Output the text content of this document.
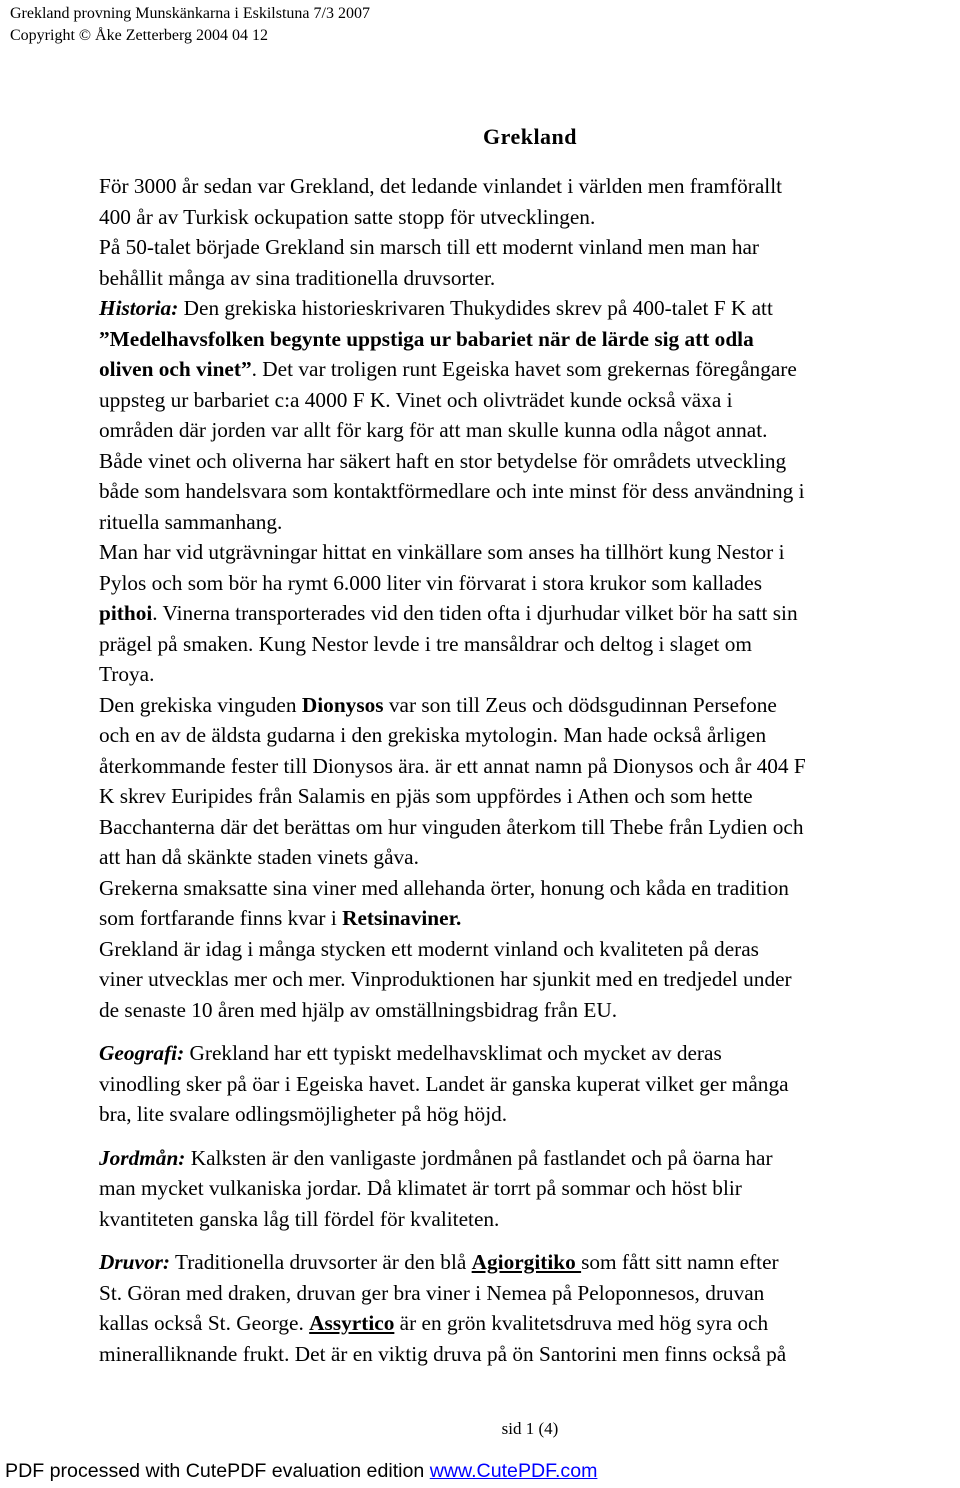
Grekland provning Munskänkarna i Eskilstuna 7/3 2007
Copyright © Åke Zetterberg 2004 04 12
Grekland

För 3000 år sedan var Grekland, det ledande vinlandet i världen men framförallt
400 år av Turkisk ockupation satte stopp för utvecklingen.
På 50-talet började Grekland sin marsch till ett modernt vinland men man har
behållit många av sina traditionella druvsorter.

Historia: Den grekiska historieskrivaren Thukydides skrev på 400-talet F K att
”Medelhavsfolken begynte uppstiga ur babariet när de lärde sig att odla
oliven och vinet”. Det var troligen runt Egeiska havet som grekernas föregångare
uppsteg ur barbariet c:a 4000 F K. Vinet och olivträdet kunde också växa i
områden där jorden var allt för karg för att man skulle kunna odla något annat.
Både vinet och oliverna har säkert haft en stor betydelse för områdets utveckling
både som handelsvara som kontaktförmedlare och inte minst för dess användning i
rituella sammanhang.

Man har vid utgrävningar hittat en vinkällare som anses ha tillhört kung Nestor i
Pylos och som bör ha rymt 6.000 liter vin förvarat i stora krukor som kallades
pithoi. Vinerna transporterades vid den tiden ofta i djurhudar vilket bör ha satt sin
prägel på smaken. Kung Nestor levde i tre mansåldrar och deltog i slaget om
Troya.

Den grekiska vinguden Dionysos var son till Zeus och dödsgudinnan Persefone
och en av de äldsta gudarna i den grekiska mytologin. Man hade också årligen
återkommande fester till Dionysos ära. är ett annat namn på Dionysos och år 404 F
K skrev Euripides från Salamis en pjäs som uppfördes i Athen och som hette
Bacchanterna där det berättas om hur vinguden återkom till Thebe från Lydien och
att han då skänkte staden vinets gåva.

Grekerna smaksatte sina viner med allehanda örter, honung och kåda en tradition
som fortfarande finns kvar i Retsinaviner.

Grekland är idag i många stycken ett modernt vinland och kvaliteten på deras
viner utvecklas mer och mer. Vinproduktionen har sjunkit med en tredjedel under
de senaste 10 åren med hjälp av omställningsbidrag från EU.

Geografi: Grekland har ett typiskt medelhavsklimat och mycket av deras
vinodling sker på öar i Egeiska havet. Landet är ganska kuperat vilket ger många
bra, lite svalare odlingsmöjligheter på hög höjd.

Jordmån: Kalksten är den vanligaste jordmånen på fastlandet och på öarna har
man mycket vulkaniska jordar. Då klimatet är torrt på sommar och höst blir
kvantiteten ganska låg till fördel för kvaliteten.

Druvor: Traditionella druvsorter är den blå Agiorgitiko som fått sitt namn efter
St. Göran med draken, druvan ger bra viner i Nemea på Peloponnesos, druvan
kallas också St. George. Assyrtico är en grön kvalitetsdruva med hög syra och
mineralliknande frukt. Det är en viktig druva på ön Santorini men finns också på

sid 1 (4)
PDF processed with CutePDF evaluation edition www.CutePDF.com
